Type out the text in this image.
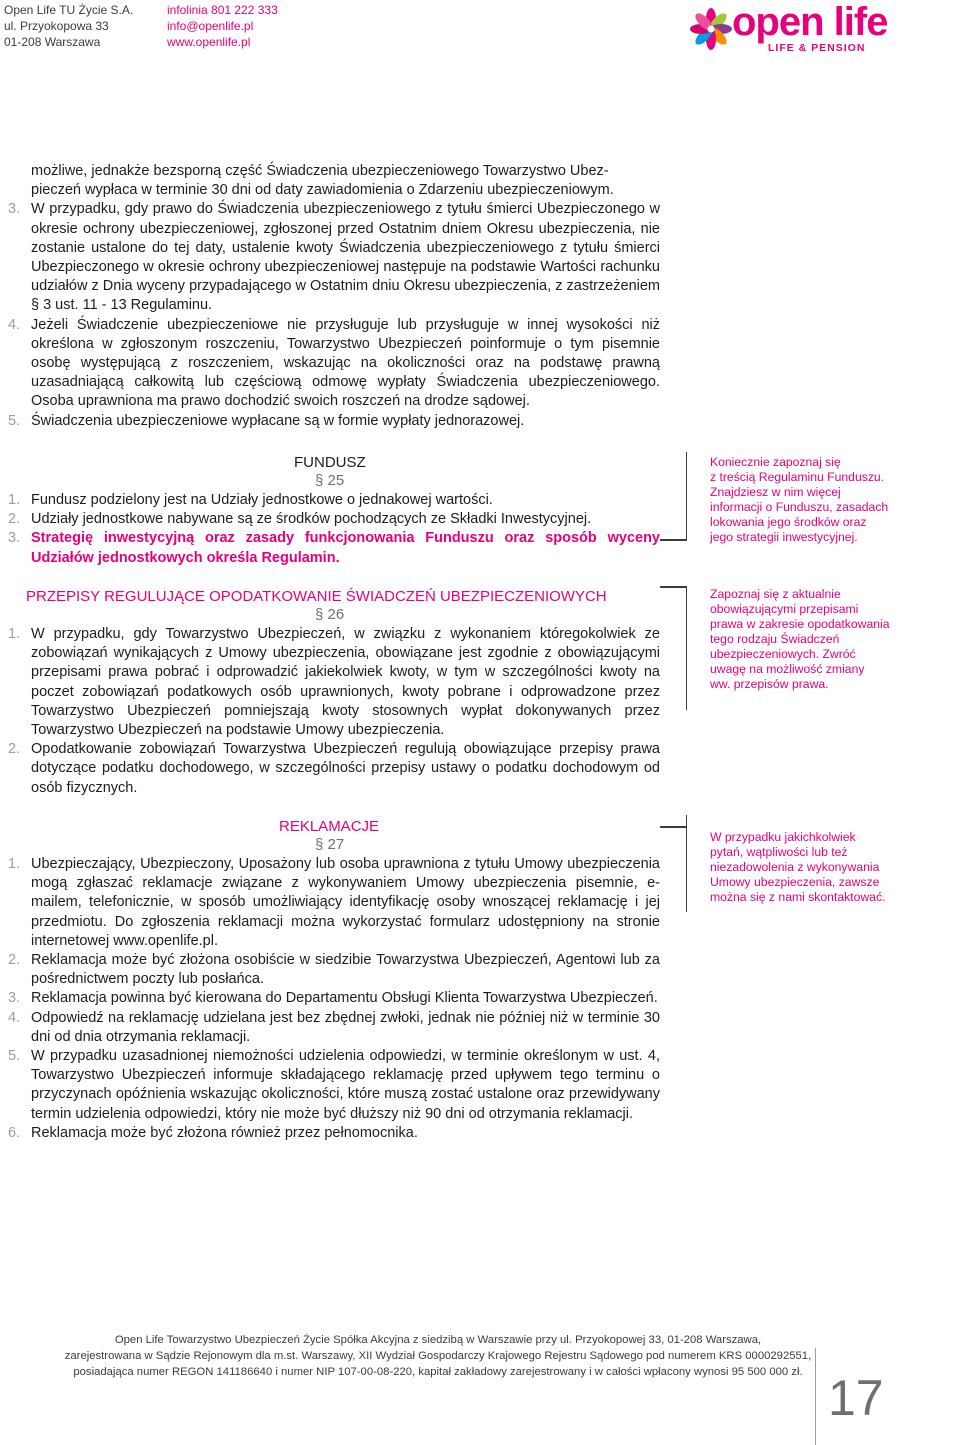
Open Life TU Życie S.A.
ul. Przyokopowa 33
01-208 Warszawa
infolinia 801 222 333
info@openlife.pl
www.openlife.pl	open life
LIFE & PENSION

możliwe, jednakże bezsporną część Świadczenia ubezpieczeniowego Towarzystwo Ubez-

pieczeń wypłaca w terminie 30 dni od daty zawiadomienia o Zdarzeniu ubezpieczeniowym.

3. W przypadku, gdy prawo do Świadczenia ubezpieczeniowego z tytułu śmierci Ubezpieczonego w okresie ochrony ubezpieczeniowej, zgłoszonej przed Ostatnim dniem Okresu ubezpieczenia, nie zostanie ustalone do tej daty, ustalenie kwoty Świadczenia ubezpieczeniowego z tytułu śmierci Ubezpieczonego w okresie ochrony ubezpieczeniowej następuje na podstawie Wartości rachunku udziałów z Dnia wyceny przypadającego w Ostatnim dniu Okresu ubezpieczenia, z zastrzeżeniem § 3 ust. 11 - 13 Regulaminu.

4. Jeżeli Świadczenie ubezpieczeniowe nie przysługuje lub przysługuje w innej wysokości niż określona w zgłoszonym roszczeniu, Towarzystwo Ubezpieczeń poinformuje o tym pisemnie osobę występującą z roszczeniem, wskazując na okoliczności oraz na podstawę prawną uzasadniającą całkowitą lub częściową odmowę wypłaty Świadczenia ubezpieczeniowego. Osoba uprawniona ma prawo dochodzić swoich roszczeń na drodze sądowej.

5. Świadczenia ubezpieczeniowe wypłacane są w formie wypłaty jednorazowej.

FUNDUSZ
§ 25

1. Fundusz podzielony jest na Udziały jednostkowe o jednakowej wartości.

2. Udziały jednostkowe nabywane są ze środków pochodzących ze Składki Inwestycyjnej.

3. Strategię inwestycyjną oraz zasady funkcjonowania Funduszu oraz sposób wyceny Udziałów jednostkowych określa Regulamin.

Koniecznie zapoznaj się
z treścią Regulaminu Funduszu.
Znajdziesz w nim więcej
informacji o Funduszu, zasadach
lokowania jego środków oraz
jego strategii inwestycyjnej.
PRZEPISY REGULUJĄCE OPODATKOWANIE ŚWIADCZEŃ UBEZPIECZENIOWYCH
§ 26

1. W przypadku, gdy Towarzystwo Ubezpieczeń, w związku z wykonaniem któregokolwiek ze zobowiązań wynikających z Umowy ubezpieczenia, obowiązane jest zgodnie z obowiązującymi przepisami prawa pobrać i odprowadzić jakiekolwiek kwoty, w tym w szczególności kwoty na poczet zobowiązań podatkowych osób uprawnionych, kwoty pobrane i odprowadzone przez Towarzystwo Ubezpieczeń pomniejszają kwoty stosownych wypłat dokonywanych przez Towarzystwo Ubezpieczeń na podstawie Umowy ubezpieczenia.

2. Opodatkowanie zobowiązań Towarzystwa Ubezpieczeń regulują obowiązujące przepisy prawa dotyczące podatku dochodowego, w szczególności przepisy ustawy o podatku dochodowym od osób fizycznych.

Zapoznaj się z aktualnie
obowiązującymi przepisami
prawa w zakresie opodatkowania
tego rodzaju Świadczeń
ubezpieczeniowych. Zwróć
uwagę na możliwość zmiany
ww. przepisów prawa.
REKLAMACJE
§ 27

1. Ubezpieczający, Ubezpieczony, Uposażony lub osoba uprawniona z tytułu Umowy ubezpieczenia mogą zgłaszać reklamacje związane z wykonywaniem Umowy ubezpieczenia pisemnie, e-mailem, telefonicznie, w sposób umożliwiający identyfikację osoby wnoszącej reklamację i jej przedmiotu. Do zgłoszenia reklamacji można wykorzystać formularz udostępniony na stronie internetowej www.openlife.pl.

2. Reklamacja może być złożona osobiście w siedzibie Towarzystwa Ubezpieczeń, Agentowi lub za pośrednictwem poczty lub posłańca.

3. Reklamacja powinna być kierowana do Departamentu Obsługi Klienta Towarzystwa Ubezpieczeń.

4. Odpowiedź na reklamację udzielana jest bez zbędnej zwłoki, jednak nie później niż w terminie 30 dni od dnia otrzymania reklamacji.

5. W przypadku uzasadnionej niemożności udzielenia odpowiedzi, w terminie określonym w ust. 4, Towarzystwo Ubezpieczeń informuje składającego reklamację przed upływem tego terminu o przyczynach opóźnienia wskazując okoliczności, które muszą zostać ustalone oraz przewidywany termin udzielenia odpowiedzi, który nie może być dłuższy niż 90 dni od otrzymania reklamacji.

6. Reklamacja może być złożona również przez pełnomocnika.

W przypadku jakichkolwiek
pytań, wątpliwości lub też
niezadowolenia z wykonywania
Umowy ubezpieczenia, zawsze
można się z nami skontaktować.
Open Life Towarzystwo Ubezpieczeń Życie Spółka Akcyjna z siedzibą w Warszawie przy ul. Przyokopowej 33, 01-208 Warszawa,
zarejestrowana w Sądzie Rejonowym dla m.st. Warszawy, XII Wydział Gospodarczy Krajowego Rejestru Sądowego pod numerem KRS 0000292551,
posiadająca numer REGON 141186640 i numer NIP 107-00-08-220, kapitał zakładowy zarejestrowany i w całości wpłacony wynosi 95 500 000 zł. 17
